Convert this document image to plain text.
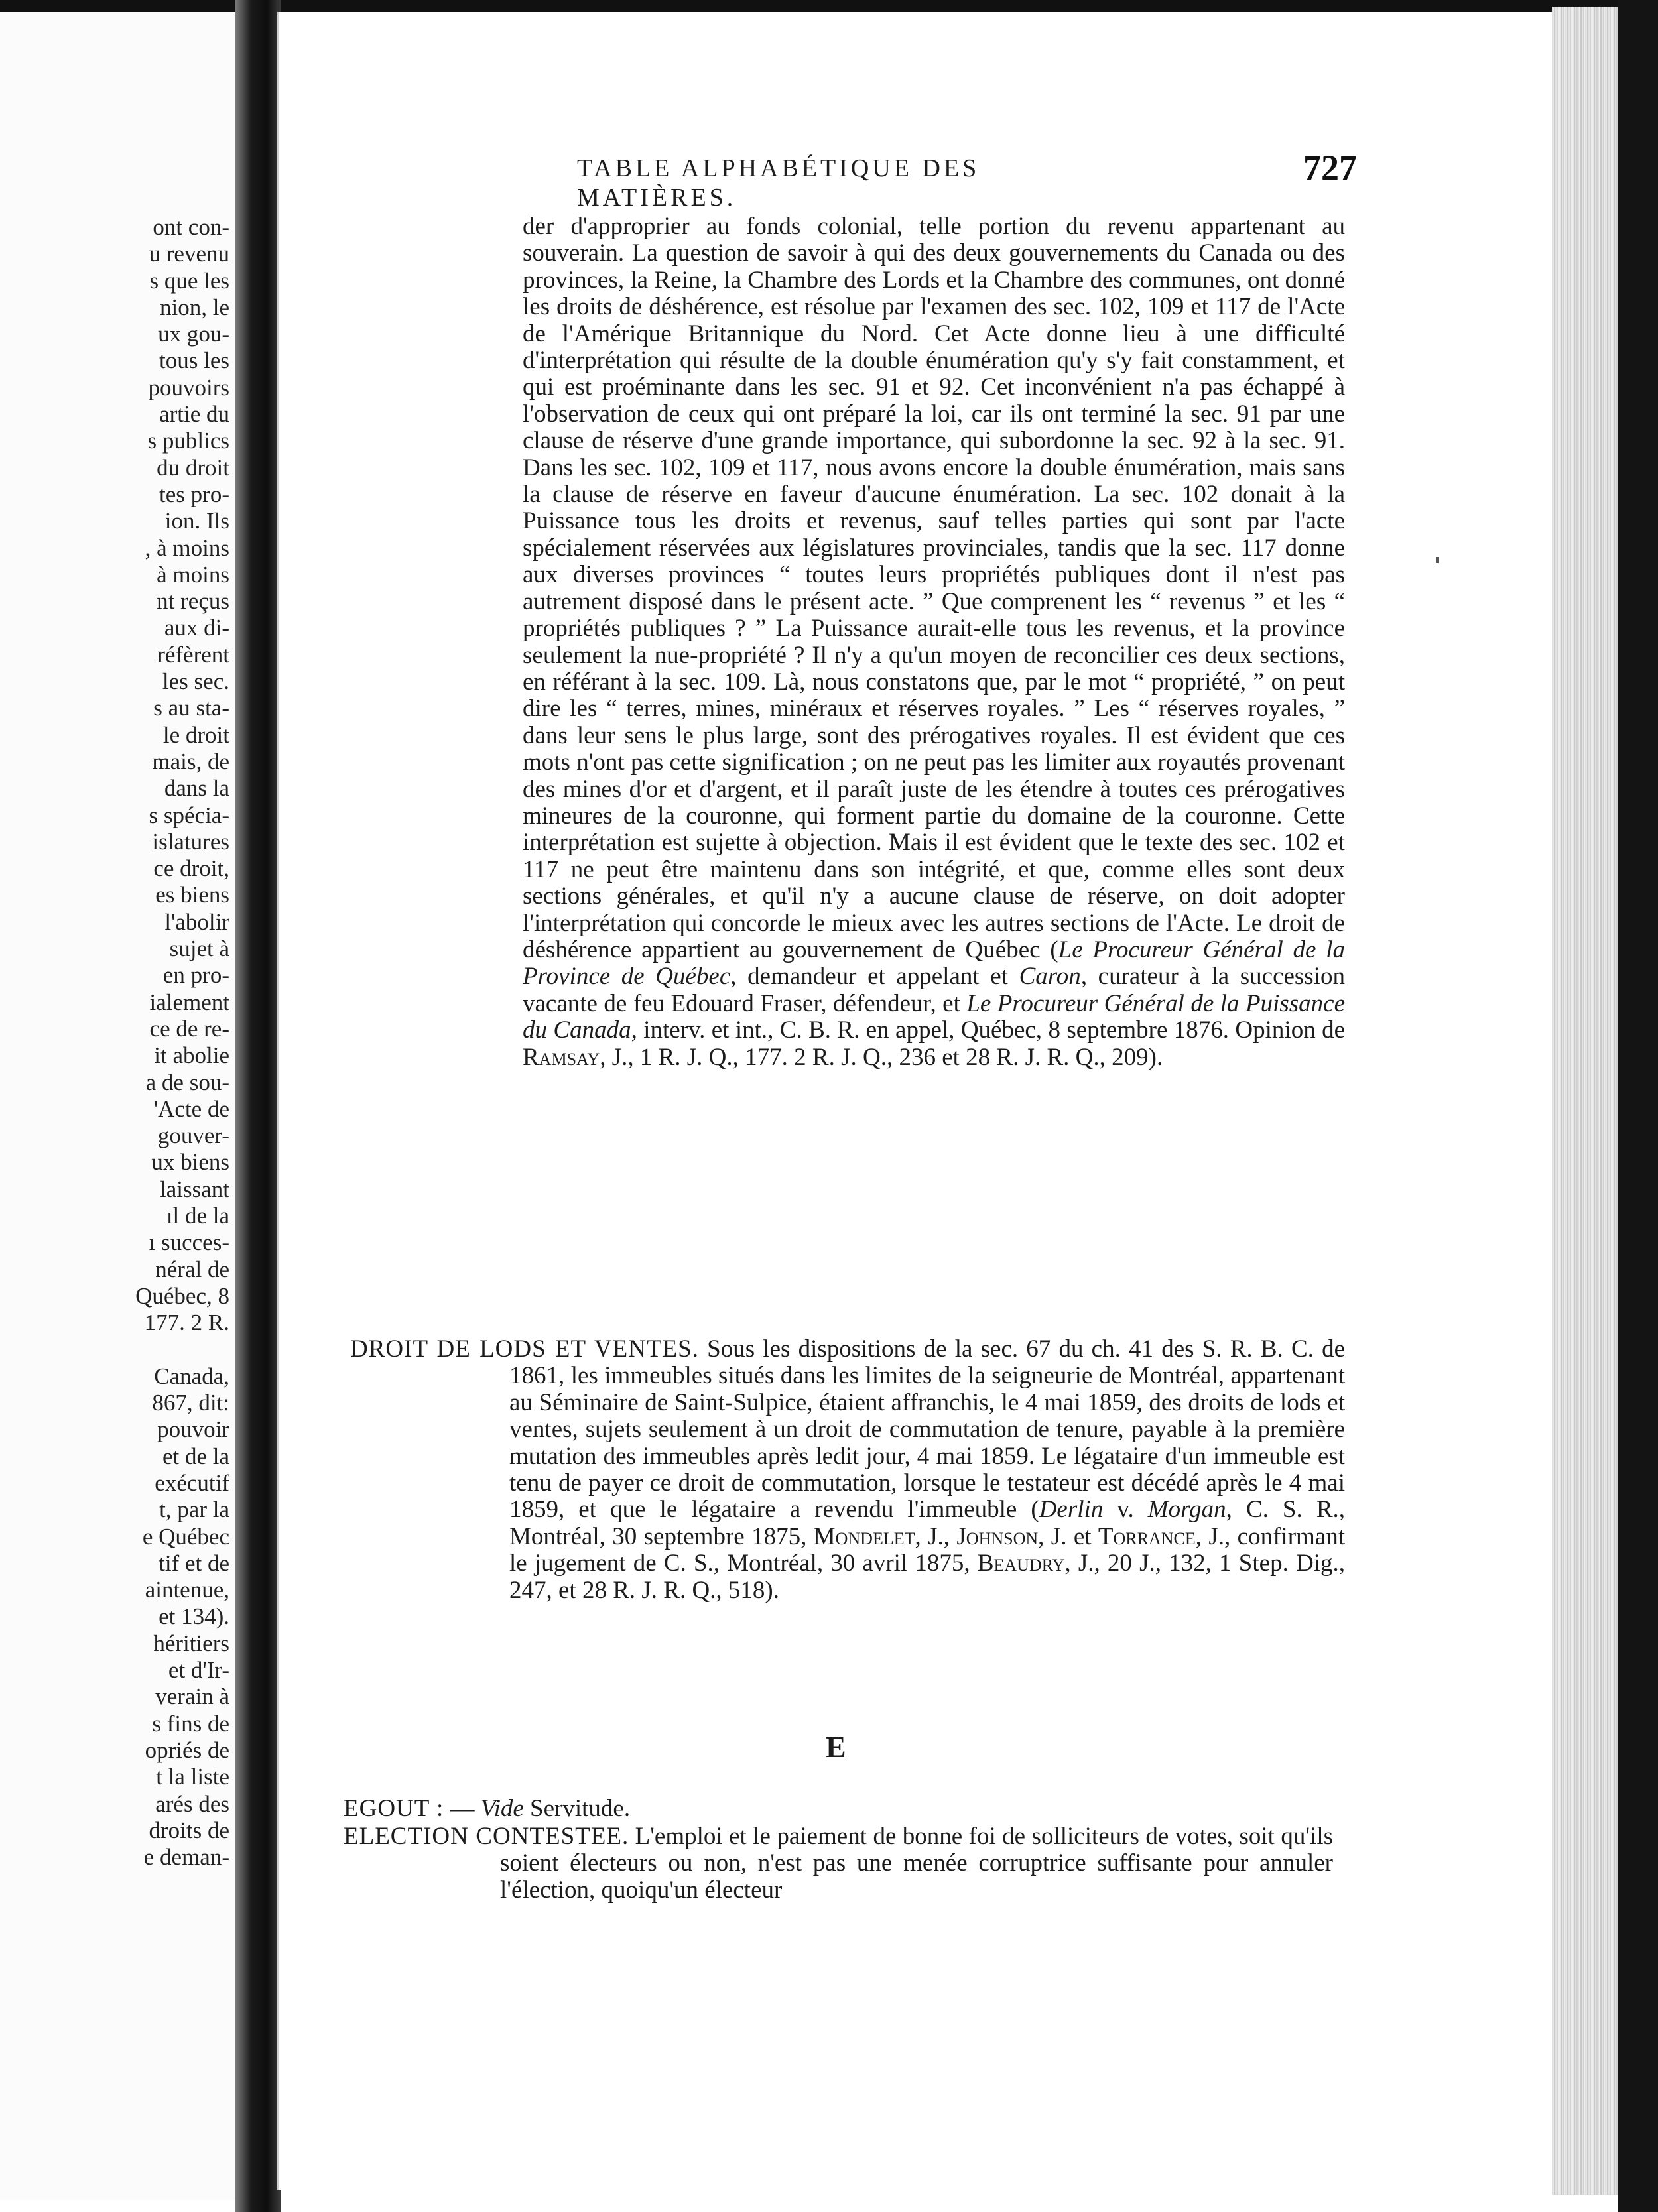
ont con-
u revenu
s que les
nion, le
ux gou-
tous les
pouvoirs
artie du
s publics
du droit
tes pro-
ion. Ils
, à moins
à moins
nt reçus
aux di-
réfèrent
les sec.
s au sta-
le droit
mais, de
dans la
s spécia-
islatures
ce droit,
es biens
l'abolir
sujet à
en pro-
ialement
ce de re-
it abolie
a de sou-
'Acte de
gouver-
ux biens
laissant
ıl de la
ı succes-
néral de
Québec, 8
177. 2 R.
Canada,
867, dit:
pouvoir
et de la
exécutif
t, par la
e Québec
tif et de
aintenue,
et 134).
héritiers
et d'Ir-
verain à
s fins de
opriés de
t la liste
arés des
droits de
e deman-
TABLE ALPHABÉTIQUE DES MATIÈRES.
727

der d'approprier au fonds colonial, telle portion du revenu appartenant au souverain. La question de savoir à qui des deux gouvernements du Canada ou des provinces, la Reine, la Chambre des Lords et la Chambre des communes, ont donné les droits de déshérence, est résolue par l'examen des sec. 102, 109 et 117 de l'Acte de l'Amérique Britannique du Nord. Cet Acte donne lieu à une difficulté d'interprétation qui résulte de la double énumération qu'y s'y fait constamment, et qui est proéminante dans les sec. 91 et 92. Cet inconvénient n'a pas échappé à l'observation de ceux qui ont préparé la loi, car ils ont terminé la sec. 91 par une clause de réserve d'une grande importance, qui subordonne la sec. 92 à la sec. 91. Dans les sec. 102, 109 et 117, nous avons encore la double énumération, mais sans la clause de réserve en faveur d'aucune énumération. La sec. 102 donait à la Puissance tous les droits et revenus, sauf telles parties qui sont par l'acte spécialement réservées aux législatures provinciales, tandis que la sec. 117 donne aux diverses provinces “ toutes leurs propriétés publiques dont il n'est pas autrement disposé dans le présent acte. ” Que comprenent les “ revenus ” et les “ propriétés publiques ? ” La Puissance aurait-elle tous les revenus, et la province seulement la nue-propriété ? Il n'y a qu'un moyen de reconcilier ces deux sections, en référant à la sec. 109. Là, nous constatons que, par le mot “ propriété, ” on peut dire les “ terres, mines, minéraux et réserves royales. ” Les “ réserves royales, ” dans leur sens le plus large, sont des prérogatives royales. Il est évident que ces mots n'ont pas cette signification ; on ne peut pas les limiter aux royautés provenant des mines d'or et d'argent, et il paraît juste de les étendre à toutes ces prérogatives mineures de la couronne, qui forment partie du domaine de la couronne. Cette interprétation est sujette à objection. Mais il est évident que le texte des sec. 102 et 117 ne peut être maintenu dans son intégrité, et que, comme elles sont deux sections générales, et qu'il n'y a aucune clause de réserve, on doit adopter l'interprétation qui concorde le mieux avec les autres sections de l'Acte. Le droit de déshérence appartient au gouvernement de Québec (Le Procureur Général de la Province de Québec, demandeur et appelant et Caron, curateur à la succession vacante de feu Edouard Fraser, défendeur, et Le Procureur Général de la Puissance du Canada, interv. et int., C. B. R. en appel, Québec, 8 septembre 1876. Opinion de Ramsay, J., 1 R. J. Q., 177. 2 R. J. Q., 236 et 28 R. J. R. Q., 209).

DROIT DE LODS ET VENTES. Sous les dispositions de la sec. 67 du ch. 41 des S. R. B. C. de 1861, les immeubles situés dans les limites de la seigneurie de Montréal, appartenant au Séminaire de Saint-Sulpice, étaient affranchis, le 4 mai 1859, des droits de lods et ventes, sujets seulement à un droit de commutation de tenure, payable à la première mutation des immeubles après ledit jour, 4 mai 1859. Le légataire d'un immeuble est tenu de payer ce droit de commutation, lorsque le testateur est décédé après le 4 mai 1859, et que le légataire a revendu l'immeuble (Derlin v. Morgan, C. S. R., Montréal, 30 septembre 1875, Mondelet, J., Johnson, J. et Torrance, J., confirmant le jugement de C. S., Montréal, 30 avril 1875, Beaudry, J., 20 J., 132, 1 Step. Dig., 247, et 28 R. J. R. Q., 518).

E

EGOUT : — Vide Servitude.

ELECTION CONTESTEE. L'emploi et le paiement de bonne foi de solliciteurs de votes, soit qu'ils soient électeurs ou non, n'est pas une menée corruptrice suffisante pour annuler l'élection, quoiqu'un électeur
